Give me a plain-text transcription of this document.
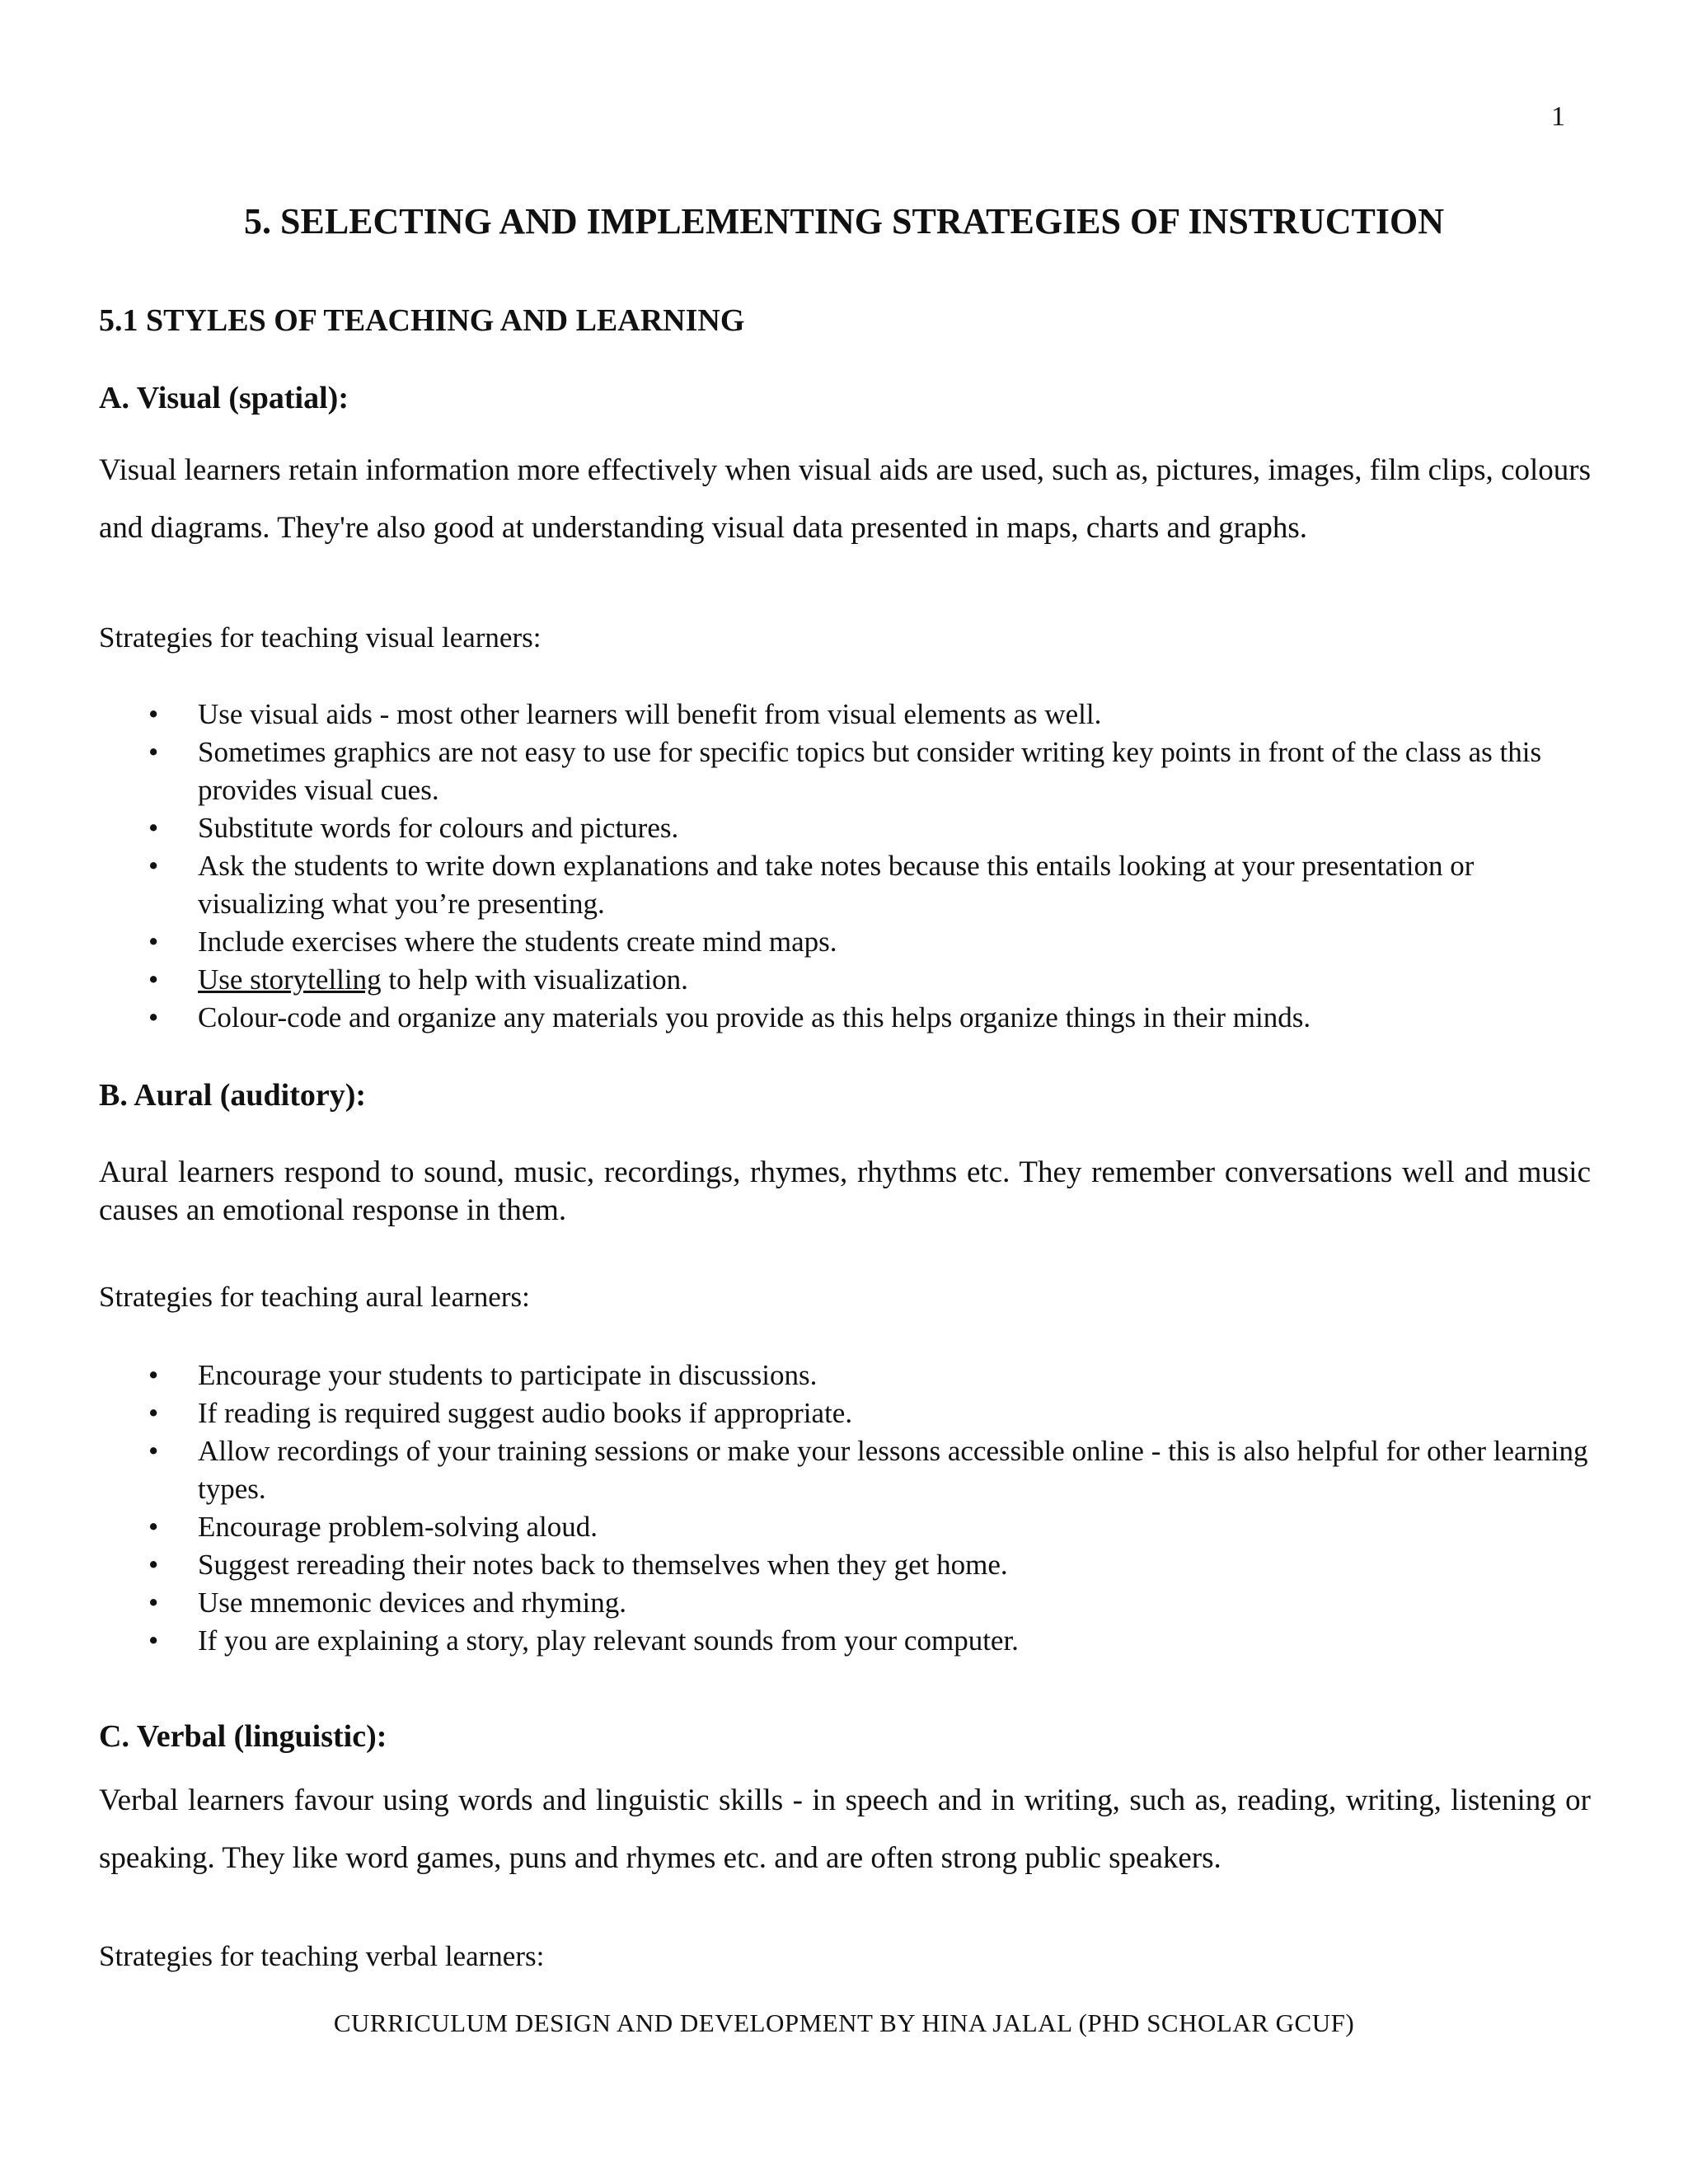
1
5. SELECTING AND IMPLEMENTING STRATEGIES OF INSTRUCTION
5.1 STYLES OF TEACHING AND LEARNING
A. Visual (spatial):

Visual learners retain information more effectively when visual aids are used, such as, pictures, images, film clips, colours and diagrams. They're also good at understanding visual data presented in maps, charts and graphs.

Strategies for teaching visual learners:

• Use visual aids - most other learners will benefit from visual elements as well.
• Sometimes graphics are not easy to use for specific topics but consider writing key points in front of the class as this provides visual cues.
• Substitute words for colours and pictures.
• Ask the students to write down explanations and take notes because this entails looking at your presentation or visualizing what you’re presenting.
• Include exercises where the students create mind maps.
• Use storytelling to help with visualization.
• Colour-code and organize any materials you provide as this helps organize things in their minds.
B. Aural (auditory):

Aural learners respond to sound, music, recordings, rhymes, rhythms etc. They remember conversations well and music causes an emotional response in them.

Strategies for teaching aural learners:

• Encourage your students to participate in discussions.
• If reading is required suggest audio books if appropriate.
• Allow recordings of your training sessions or make your lessons accessible online - this is also helpful for other learning types.
• Encourage problem-solving aloud.
• Suggest rereading their notes back to themselves when they get home.
• Use mnemonic devices and rhyming.
• If you are explaining a story, play relevant sounds from your computer.
C. Verbal (linguistic):

Verbal learners favour using words and linguistic skills - in speech and in writing, such as, reading, writing, listening or speaking. They like word games, puns and rhymes etc. and are often strong public speakers.

Strategies for teaching verbal learners:

CURRICULUM DESIGN AND DEVELOPMENT BY HINA JALAL (PHD SCHOLAR GCUF)
